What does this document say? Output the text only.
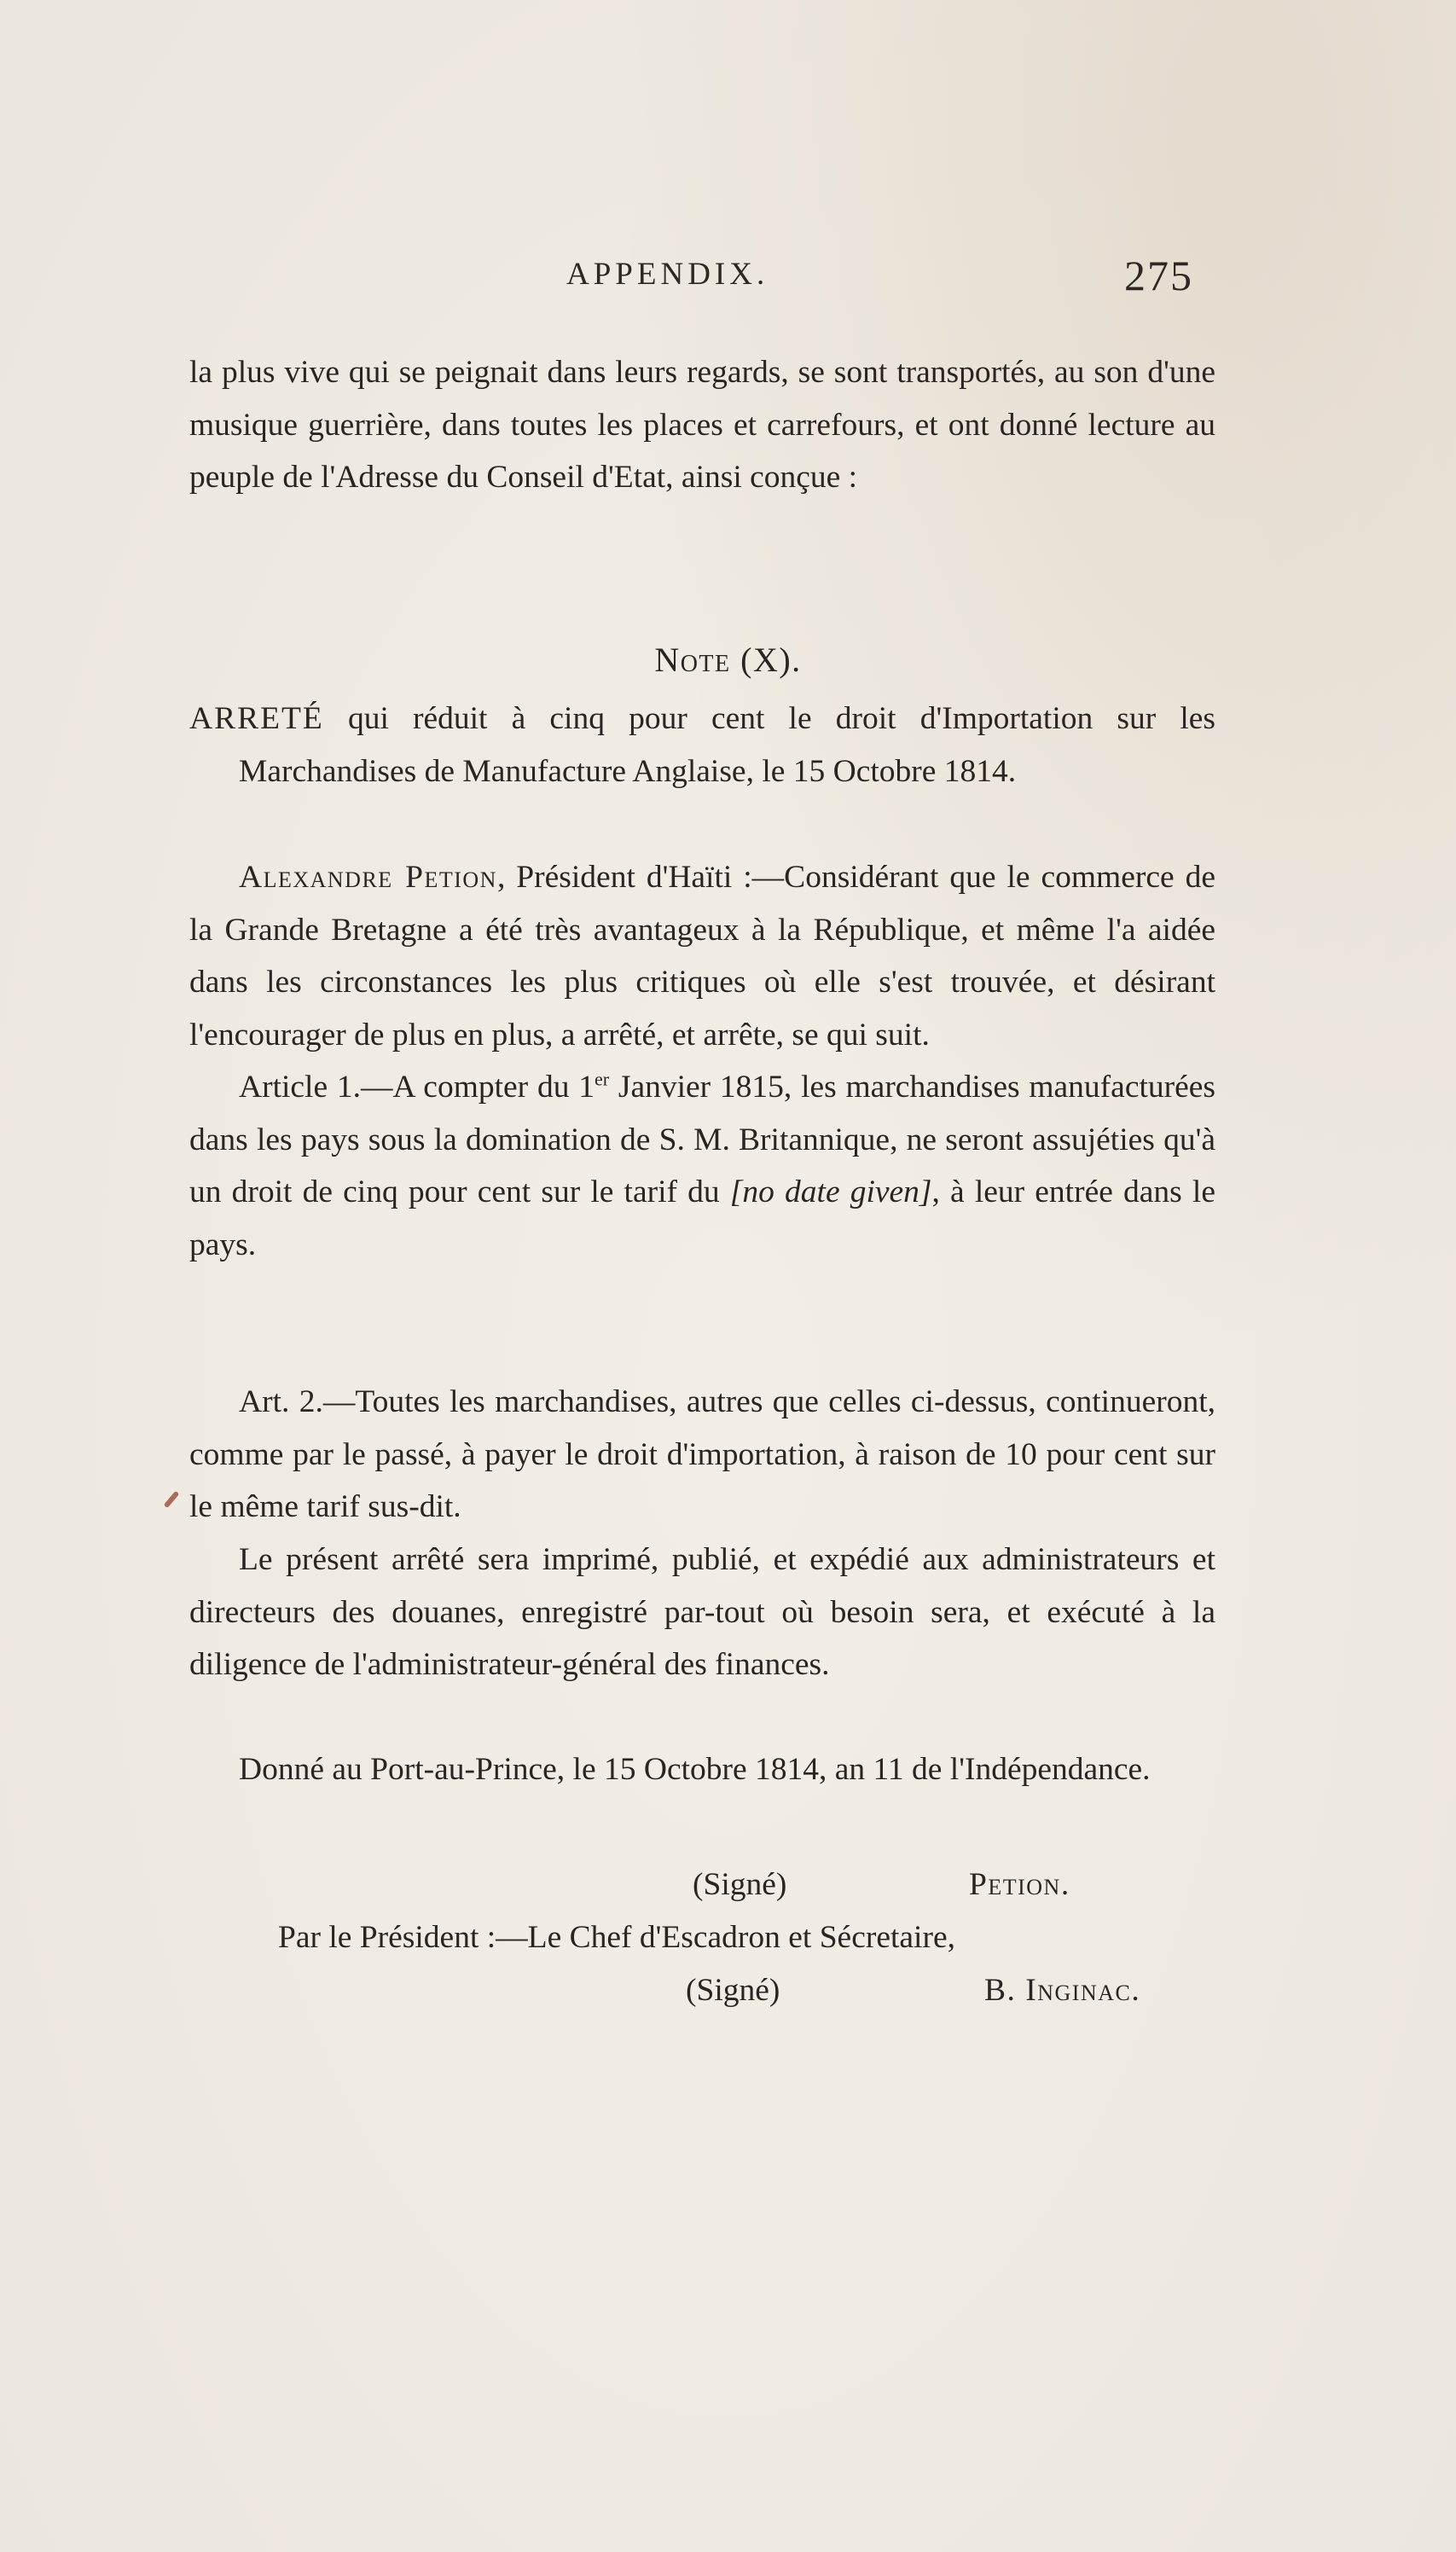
APPENDIX.	275

la plus vive qui se peignait dans leurs regards, se sont transportés, au son d'une musique guerrière, dans toutes les places et carrefours, et ont donné lecture au peuple de l'Adresse du Conseil d'Etat, ainsi conçue :

Note (X).

ARRETÉ qui réduit à cinq pour cent le droit d'Importation sur les Marchandises de Manufacture Anglaise, le 15 Octobre 1814.

Alexandre Petion, Président d'Haïti :—Considérant que le commerce de la Grande Bretagne a été très avantageux à la République, et même l'a aidée dans les circonstances les plus critiques où elle s'est trouvée, et désirant l'encourager de plus en plus, a arrêté, et arrête, se qui suit.

Article 1.—A compter du 1er Janvier 1815, les marchandises manufacturées dans les pays sous la domination de S. M. Britannique, ne seront assujéties qu'à un droit de cinq pour cent sur le tarif du [no date given], à leur entrée dans le pays.

Art. 2.—Toutes les marchandises, autres que celles ci-dessus, continueront, comme par le passé, à payer le droit d'importation, à raison de 10 pour cent sur le même tarif sus-dit.

Le présent arrêté sera imprimé, publié, et expédié aux administrateurs et directeurs des douanes, enregistré par-tout où besoin sera, et exécuté à la diligence de l'administrateur-général des finances.

Donné au Port-au-Prince, le 15 Octobre 1814, an 11 de l'Indépendance.

(Signé)	Petion.

Par le Président :—Le Chef d'Escadron et Sécretaire,

(Signé)	B. Inginac.
